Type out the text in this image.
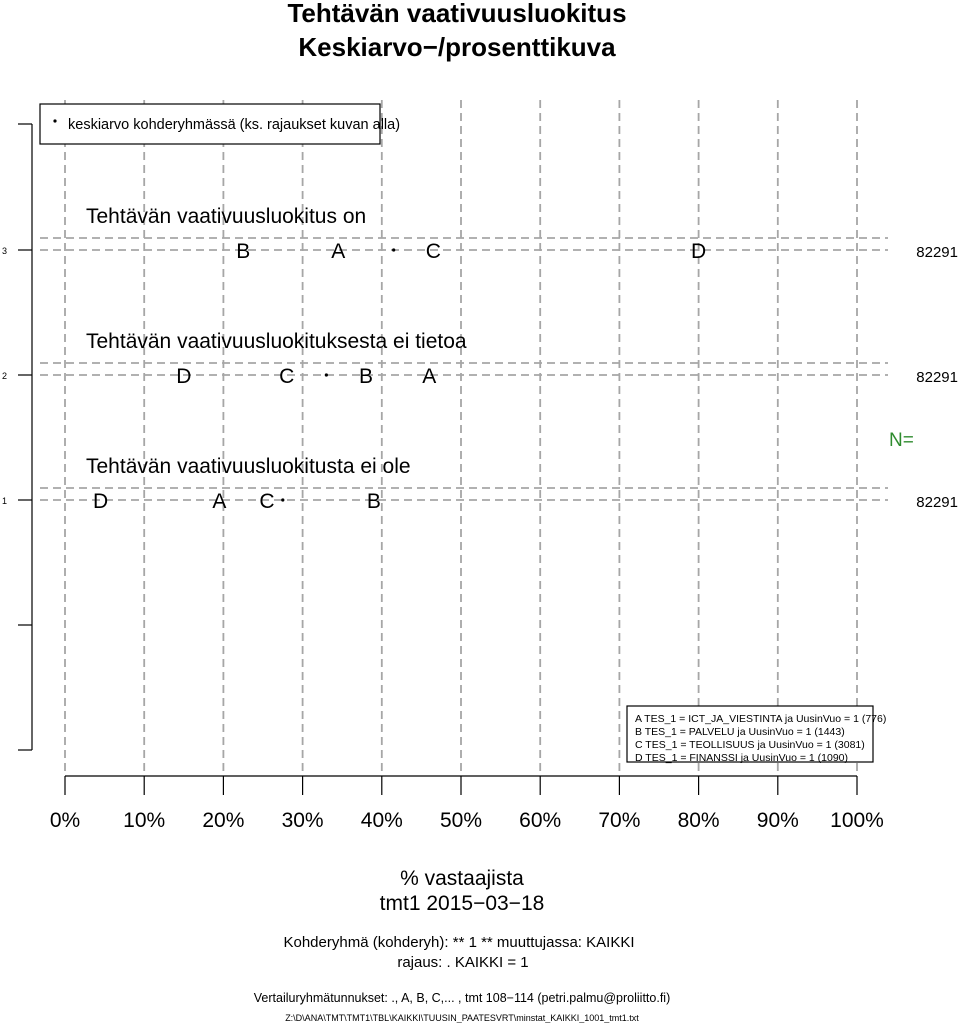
3
Tehtävän vaativuusluokitus on
82291
B	A	C	D
2
Tehtävän vaativuusluokituksesta ei tietoa
82291
D	C	B A
1
Tehtävän vaativuusluokitusta ei ole
82291
D	A C	B
0% 10% 20% 30% 40% 50% 60% 70% 80% 90% 100%
Tehtävän vaativuusluokitus
Keskiarvo−/prosenttikuva
keskiarvo kohderyhmässä (ks. rajaukset kuvan alla)
N=
A TES_1 = ICT_JA_VIESTINTA ja UusinVuo = 1 (776)
B TES_1 = PALVELU ja UusinVuo = 1 (1443)
C TES_1 = TEOLLISUUS ja UusinVuo = 1 (3081)
D TES_1 = FINANSSI ja UusinVuo = 1 (1090)
% vastaajista
tmt1 2015−03−18
Kohderyhmä (kohderyh): ** 1 ** muuttujassa: KAIKKI
rajaus: . KAIKKI = 1
Vertailuryhmätunnukset: ., A, B, C,... , tmt 108−114 (petri.palmu@proliitto.fi)
Z:\D\ANA\TMT\TMT1\TBL\KAIKKI\TUUSIN_PAATESVRT\minstat_KAIKKI_1001_tmt1.txt
